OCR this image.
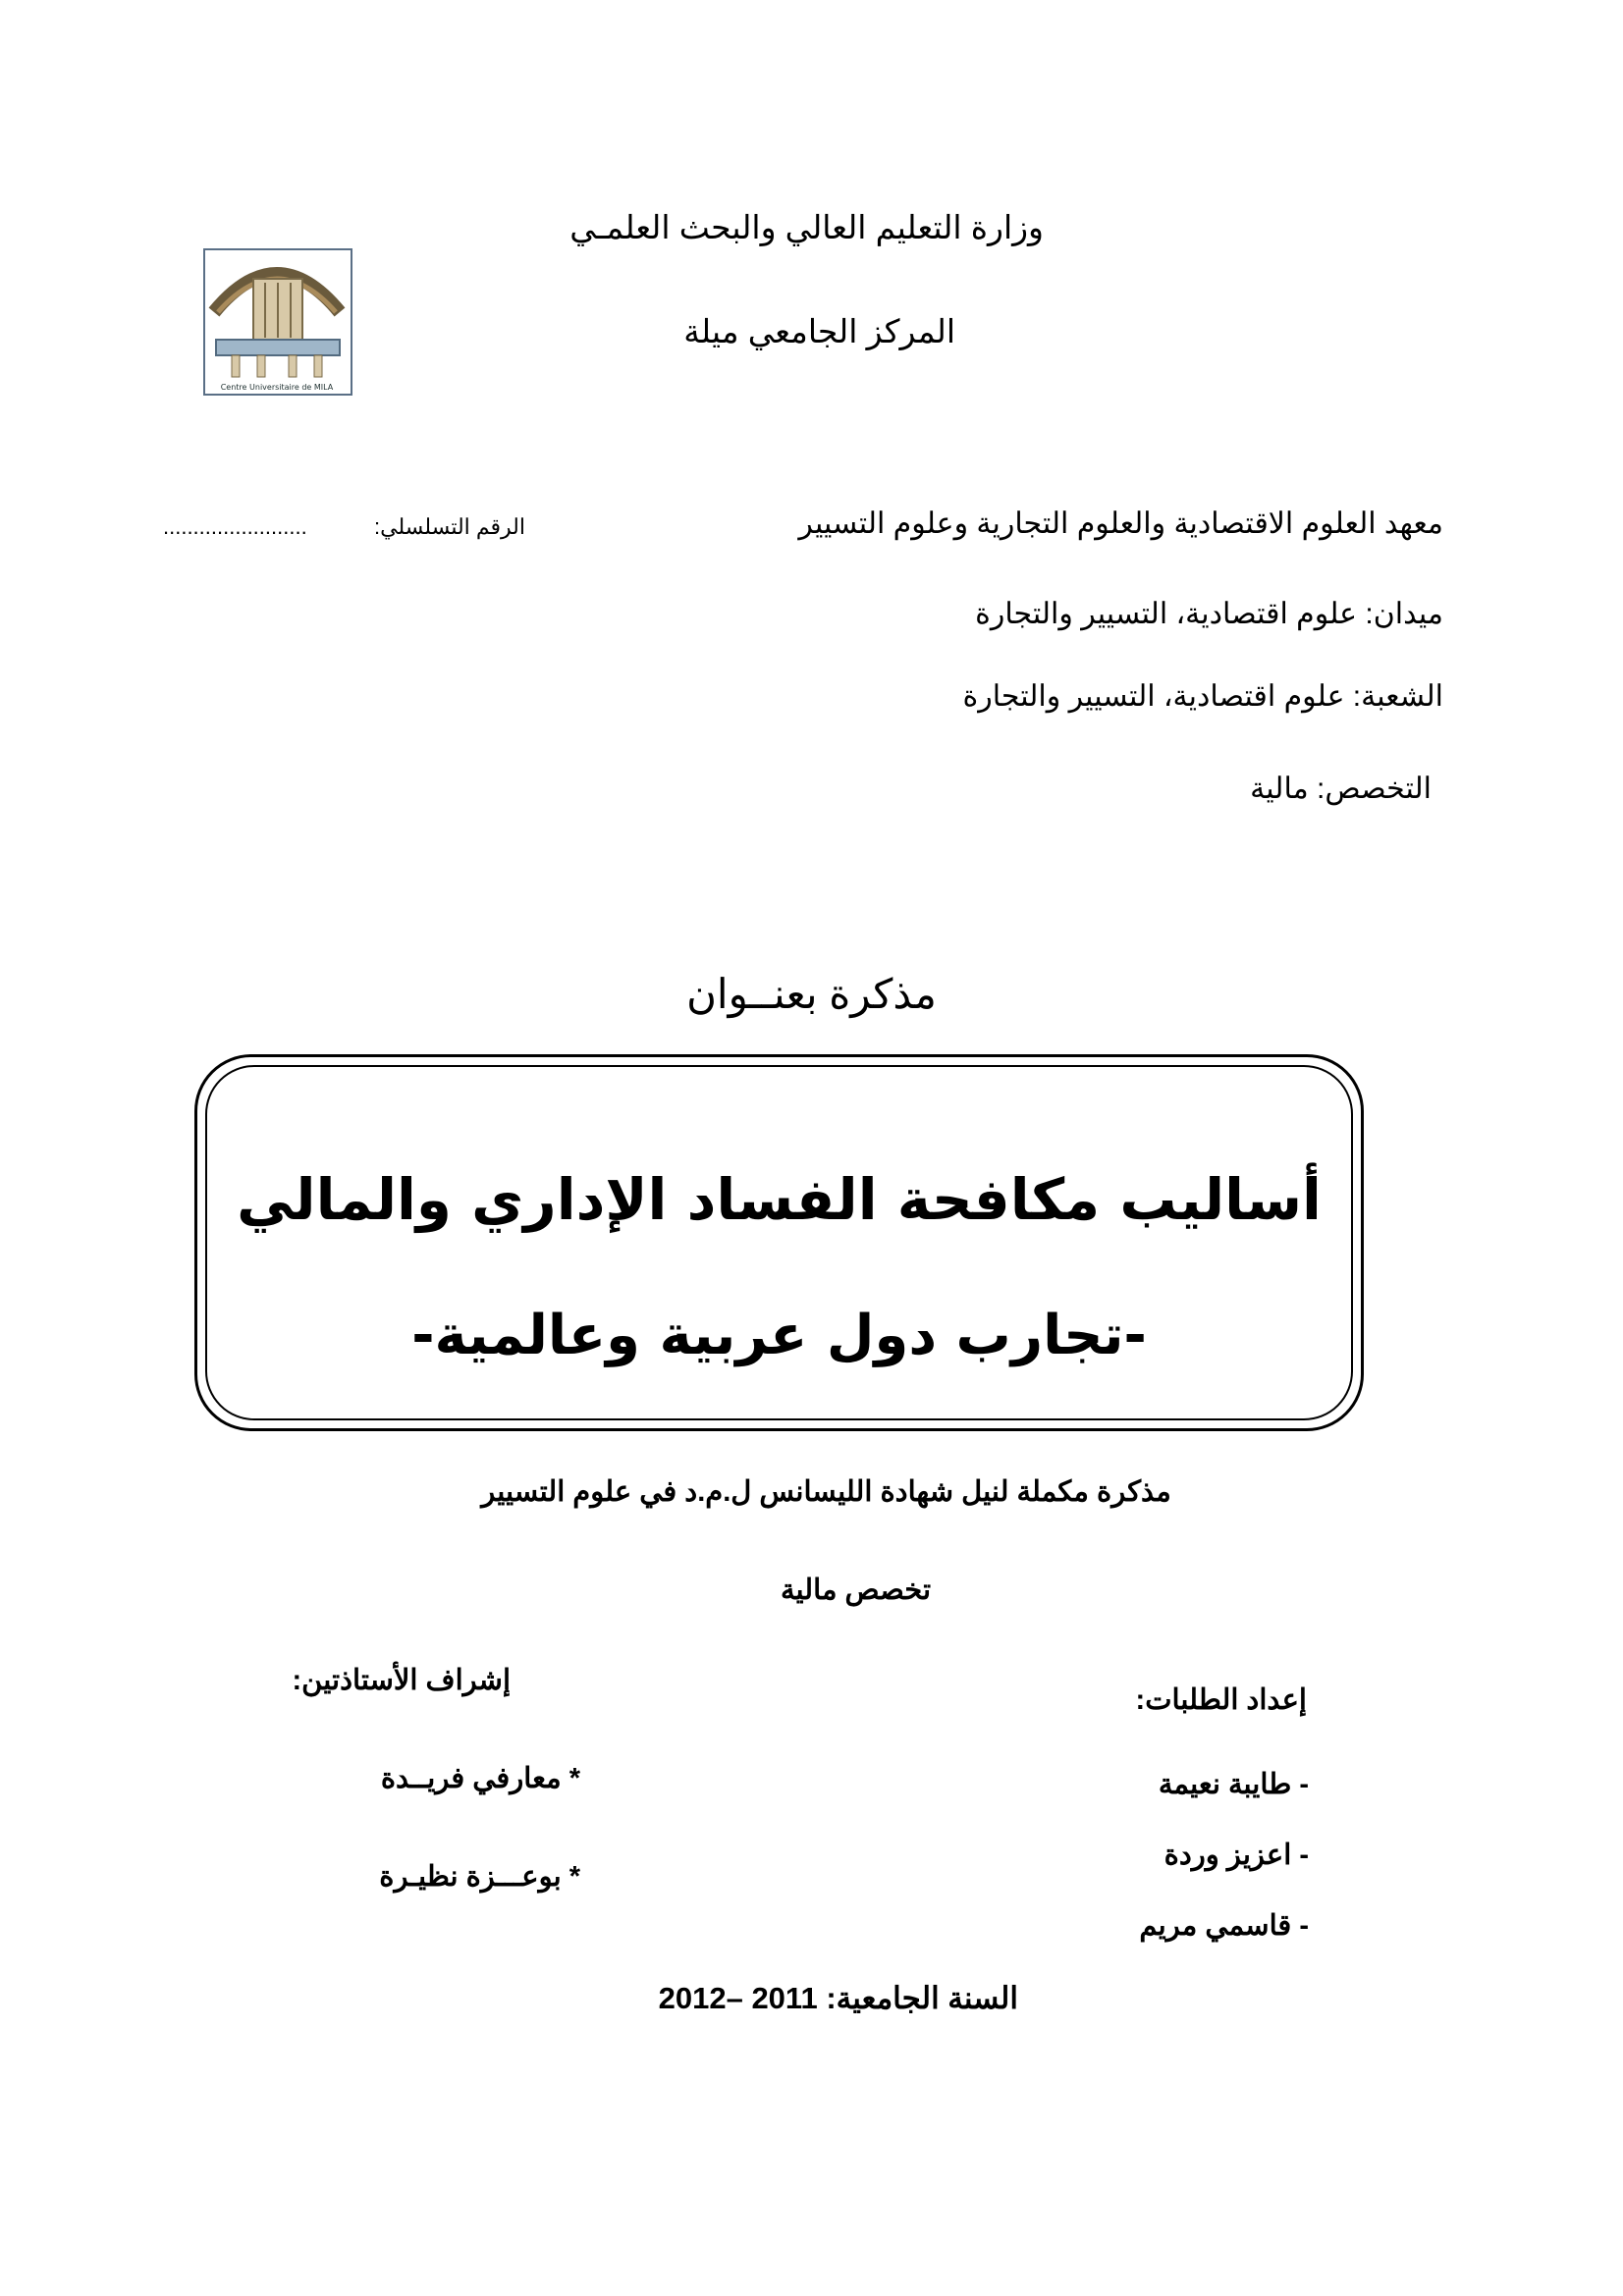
وزارة التعليم العالي والبحث العلمـي
المركز الجامعي ميلة
Centre Universitaire de MILA
معهد العلوم الاقتصادية والعلوم التجارية وعلوم التسيير
الرقم التسلسلي:
........................
ميدان: علوم اقتصادية، التسيير والتجارة
الشعبة: علوم اقتصادية، التسيير والتجارة
التخصص: مالية
مذكرة بعنــوان
أساليب مكافحة الفساد الإداري والمالي
-تجارب دول عربية وعالمية-
مذكرة مكملة لنيل شهادة الليسانس ل.م.د في علوم التسيير
تخصص مالية
إعداد الطلبات:
- طايبة نعيمة
- اعزيز وردة
- قاسمي مريم
إشراف الأستاذتين:
* معارفي فريــدة
* بوعـــزة نظيـرة
السنة الجامعية: 2011 –2012
